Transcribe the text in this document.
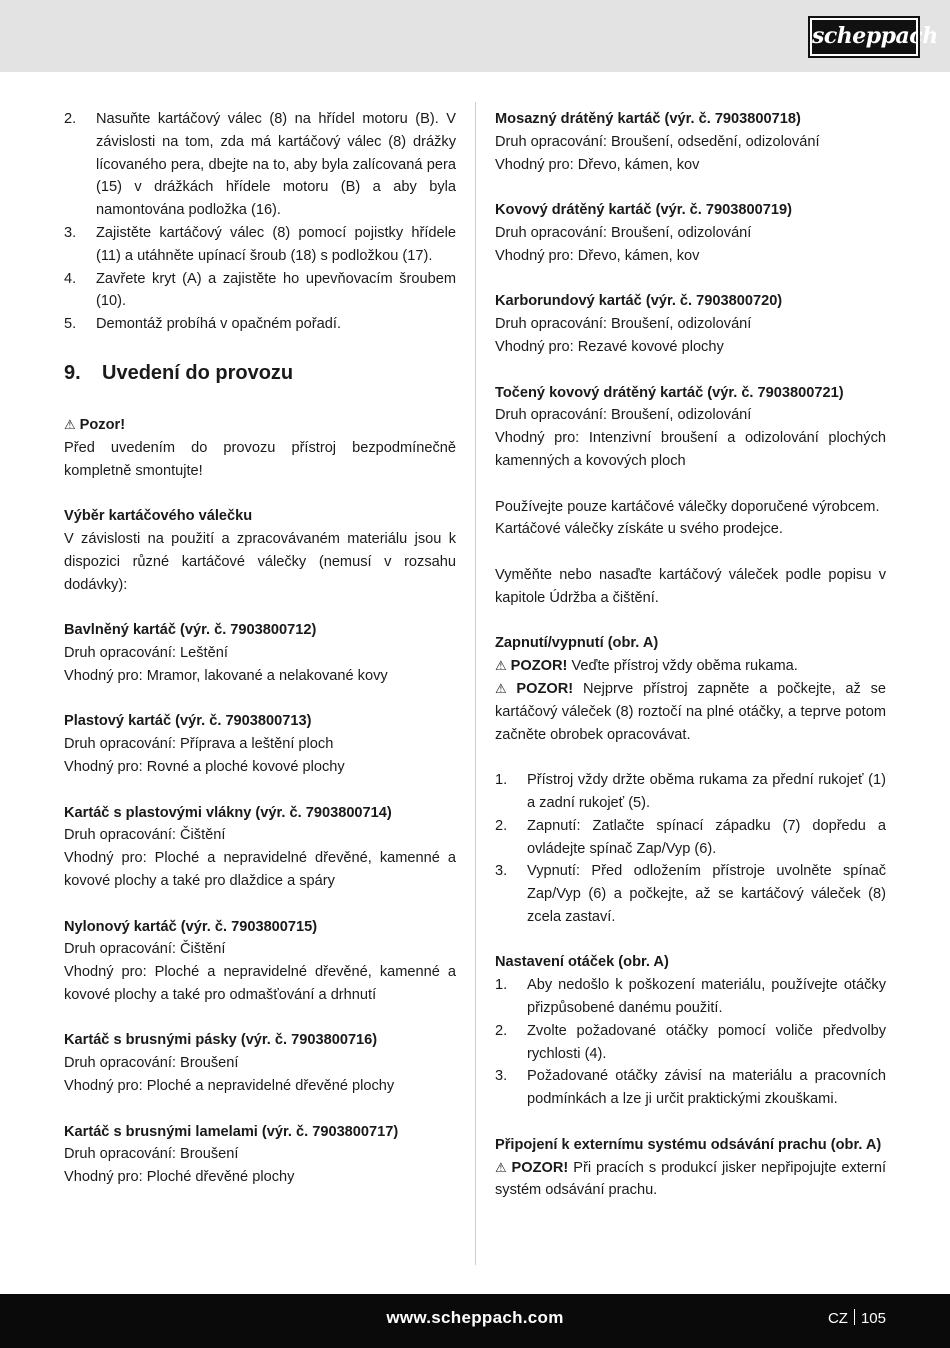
scheppach
2. Nasuňte kartáčový válec (8) na hřídel motoru (B). V závislosti na tom, zda má kartáčový válec (8) drážky lícovaného pera, dbejte na to, aby byla zalícovaná pera (15) v drážkách hřídele motoru (B) a aby byla namontována podložka (16).
3. Zajistěte kartáčový válec (8) pomocí pojistky hřídele (11) a utáhněte upínací šroub (18) s podložkou (17).
4. Zavřete kryt (A) a zajistěte ho upevňovacím šroubem (10).
5. Demontáž probíhá v opačném pořadí.
9.	Uvedení do provozu

⚠ Pozor!

Před uvedením do provozu přístroj bezpodmínečně kompletně smontujte!

Výběr kartáčového válečku

V závislosti na použití a zpracovávaném materiálu jsou k dispozici různé kartáčové válečky (nemusí v rozsahu dodávky):

Bavlněný kartáč (výr. č. 7903800712)

Druh opracování: Leštění

Vhodný pro: Mramor, lakované a nelakované kovy

Plastový kartáč (výr. č. 7903800713)

Druh opracování: Příprava a leštění ploch

Vhodný pro: Rovné a ploché kovové plochy

Kartáč s plastovými vlákny (výr. č. 7903800714)

Druh opracování: Čištění

Vhodný pro: Ploché a nepravidelné dřevěné, kamenné a kovové plochy a také pro dlaždice a spáry

Nylonový kartáč (výr. č. 7903800715)

Druh opracování: Čištění

Vhodný pro: Ploché a nepravidelné dřevěné, kamenné a kovové plochy a také pro odmašťování a drhnutí

Kartáč s brusnými pásky (výr. č. 7903800716)

Druh opracování: Broušení

Vhodný pro: Ploché a nepravidelné dřevěné plochy

Kartáč s brusnými lamelami (výr. č. 7903800717)

Druh opracování: Broušení

Vhodný pro: Ploché dřevěné plochy

Mosazný drátěný kartáč (výr. č. 7903800718)

Druh opracování: Broušení, odsedění, odizolování

Vhodný pro: Dřevo, kámen, kov

Kovový drátěný kartáč (výr. č. 7903800719)

Druh opracování: Broušení, odizolování

Vhodný pro: Dřevo, kámen, kov

Karborundový kartáč (výr. č. 7903800720)

Druh opracování: Broušení, odizolování

Vhodný pro: Rezavé kovové plochy

Točený kovový drátěný kartáč (výr. č. 7903800721)

Druh opracování: Broušení, odizolování

Vhodný pro: Intenzivní broušení a odizolování plochých kamenných a kovových ploch

Používejte pouze kartáčové válečky doporučené výrobcem.

Kartáčové válečky získáte u svého prodejce.

Vyměňte nebo nasaďte kartáčový váleček podle popisu v kapitole Údržba a čištění.

Zapnutí/vypnutí (obr. A)

⚠ POZOR! Veďte přístroj vždy oběma rukama.

⚠ POZOR! Nejprve přístroj zapněte a počkejte, až se kartáčový váleček (8) roztočí na plné otáčky, a teprve potom začněte obrobek opracovávat.

1. Přístroj vždy držte oběma rukama za přední rukojeť (1) a zadní rukojeť (5).
2. Zapnutí: Zatlačte spínací západku (7) dopředu a ovládejte spínač Zap/Vyp (6).
3. Vypnutí: Před odložením přístroje uvolněte spínač Zap/Vyp (6) a počkejte, až se kartáčový váleček (8) zcela zastaví.

Nastavení otáček (obr. A)

1. Aby nedošlo k poškození materiálu, používejte otáčky přizpůsobené danému použití.
2. Zvolte požadované otáčky pomocí voliče předvolby rychlosti (4).
3. Požadované otáčky závisí na materiálu a pracovních podmínkách a lze ji určit praktickými zkouškami.

Připojení k externímu systému odsávání prachu (obr. A)

⚠ POZOR! Při pracích s produkcí jisker nepřipojujte externí systém odsávání prachu.

www.scheppach.com	CZ 105
